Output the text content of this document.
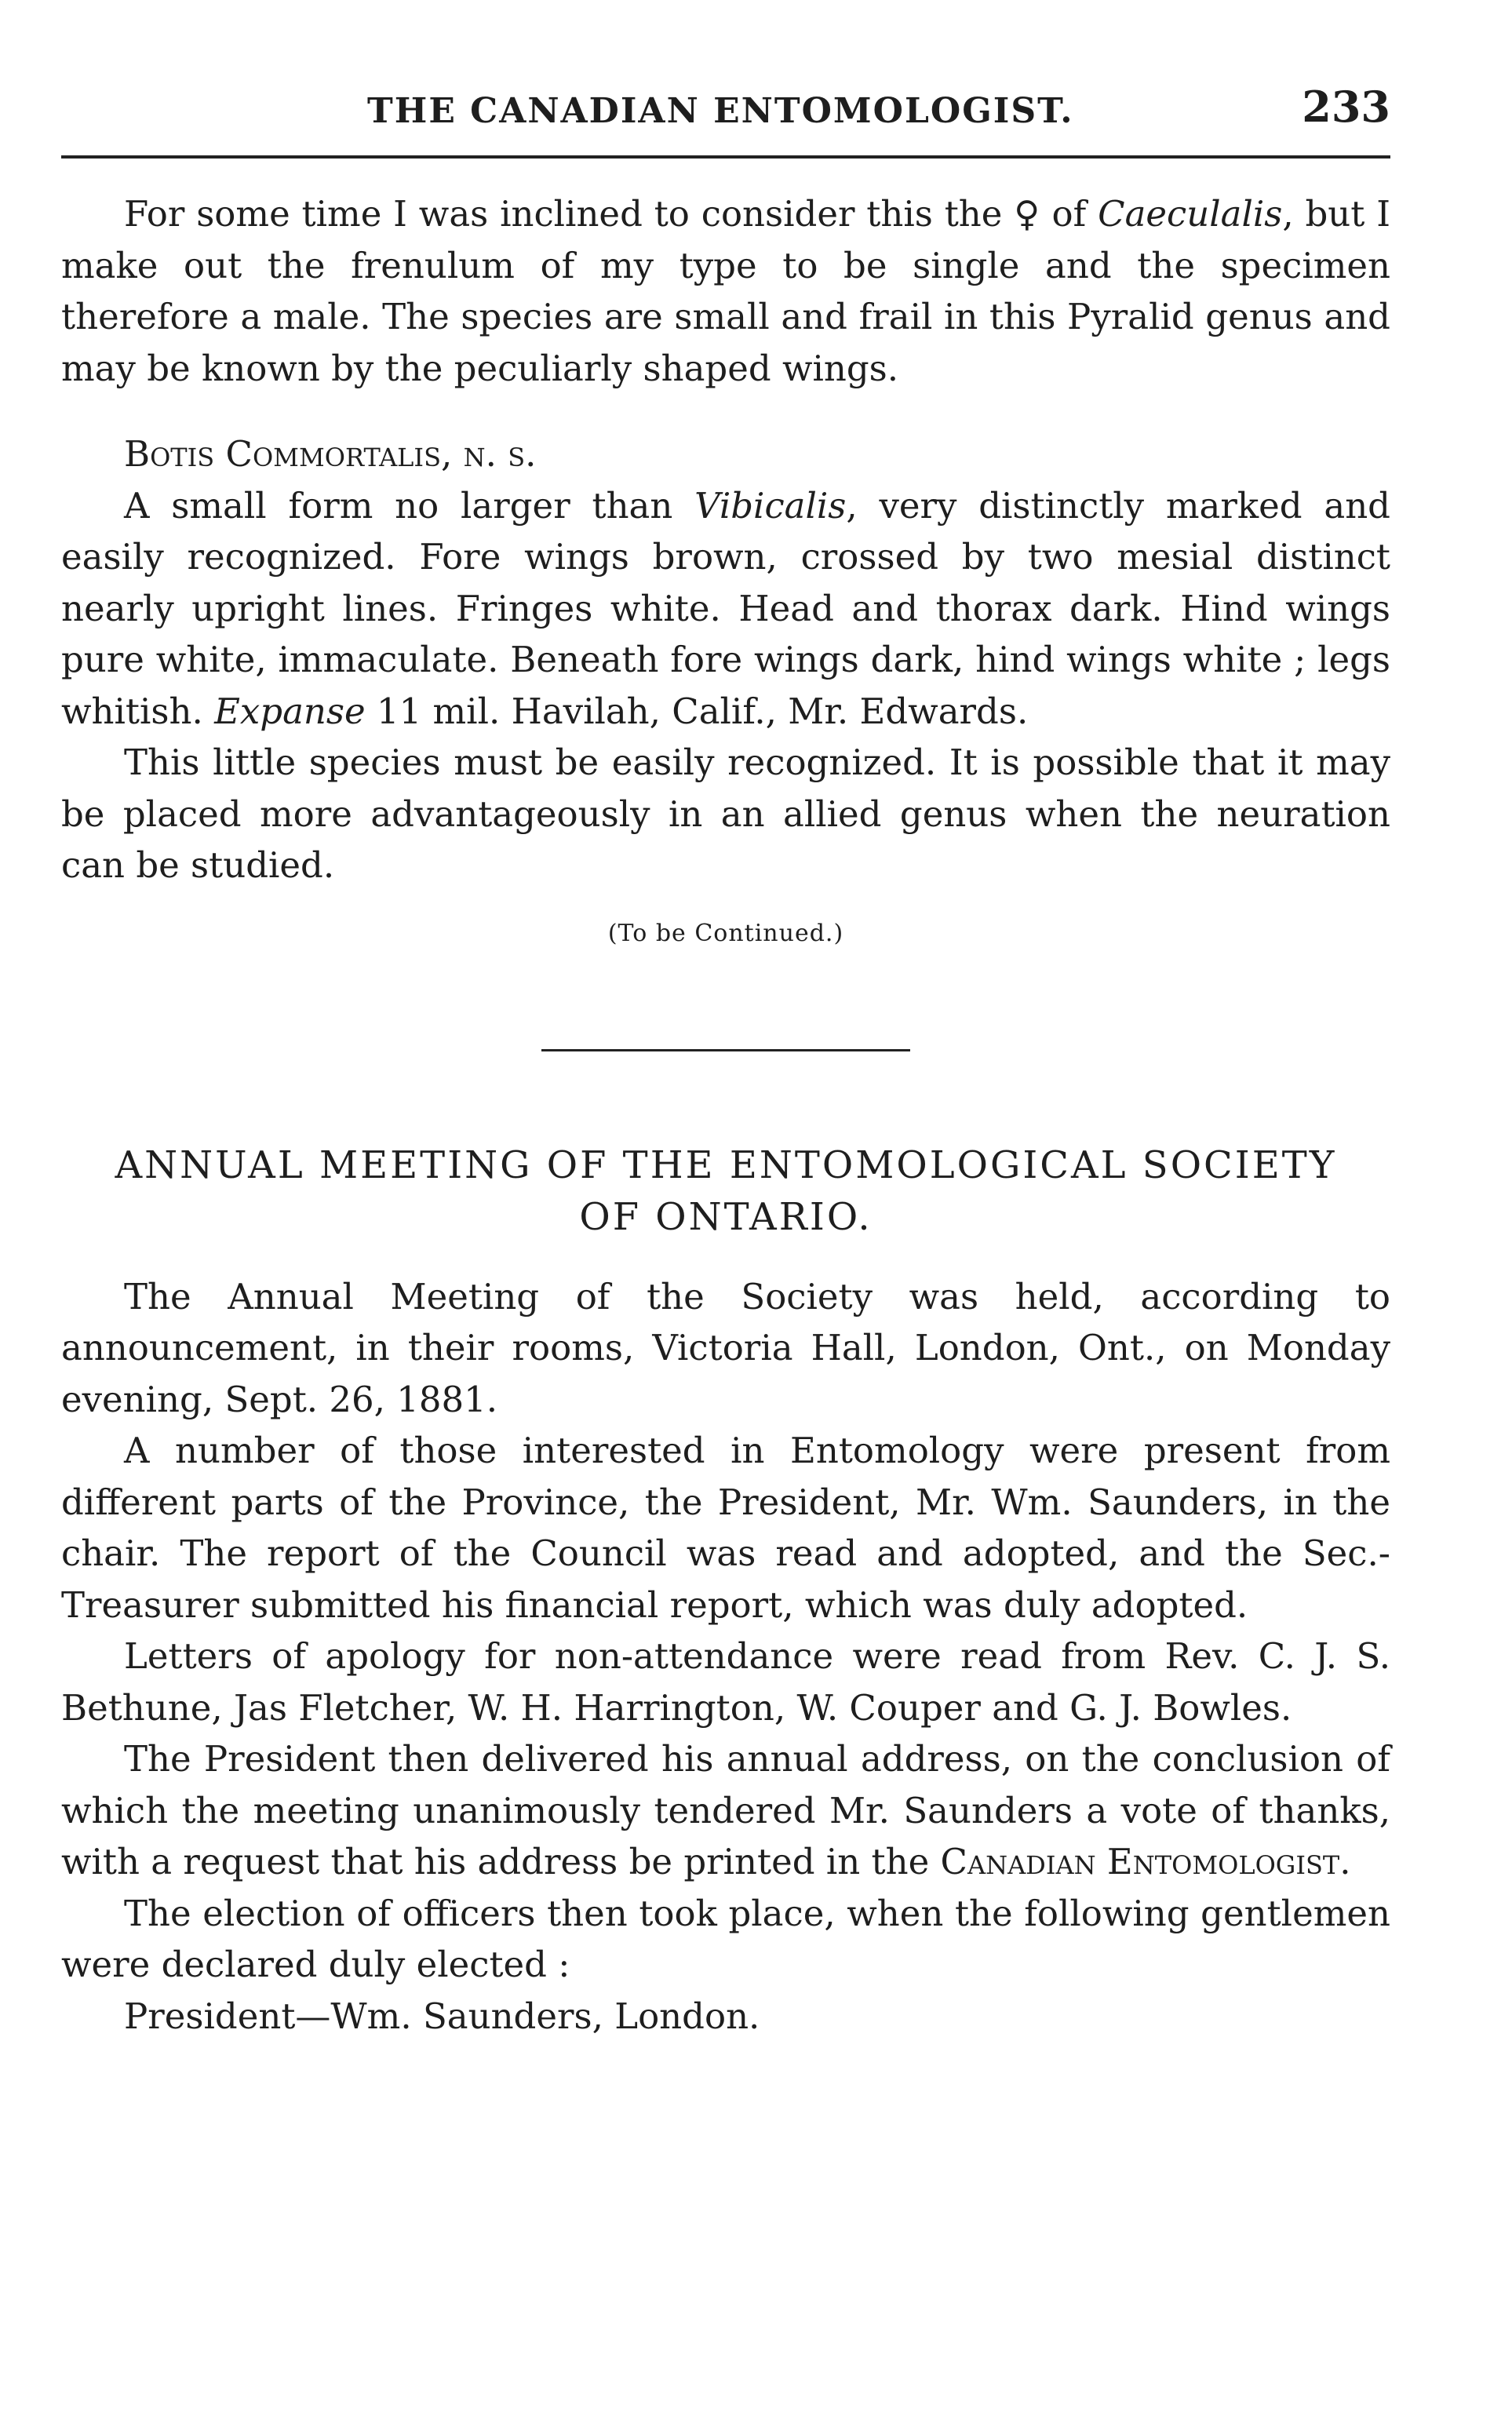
THE CANADIAN ENTOMOLOGIST.	233

For some time I was inclined to consider this the ♀ of Caeculalis, but I make out the frenulum of my type to be single and the specimen therefore a male. The species are small and frail in this Pyralid genus and may be known by the peculiarly shaped wings.

Botis Commortalis, n. s.

A small form no larger than Vibicalis, very distinctly marked and easily recognized. Fore wings brown, crossed by two mesial distinct nearly upright lines. Fringes white. Head and thorax dark. Hind wings pure white, immaculate. Beneath fore wings dark, hind wings white ; legs whitish. Expanse 11 mil. Havilah, Calif., Mr. Edwards.

This little species must be easily recognized. It is possible that it may be placed more advantageously in an allied genus when the neuration can be studied.

(To be Continued.)
ANNUAL MEETING OF THE ENTOMOLOGICAL SOCIETY
OF ONTARIO.

The Annual Meeting of the Society was held, according to announcement, in their rooms, Victoria Hall, London, Ont., on Monday evening, Sept. 26, 1881.

A number of those interested in Entomology were present from different parts of the Province, the President, Mr. Wm. Saunders, in the chair. The report of the Council was read and adopted, and the Sec.-Treasurer submitted his financial report, which was duly adopted.

Letters of apology for non-attendance were read from Rev. C. J. S. Bethune, Jas Fletcher, W. H. Harrington, W. Couper and G. J. Bowles.

The President then delivered his annual address, on the conclusion of which the meeting unanimously tendered Mr. Saunders a vote of thanks, with a request that his address be printed in the Canadian Entomologist.

The election of officers then took place, when the following gentlemen were declared duly elected :

President—Wm. Saunders, London.
